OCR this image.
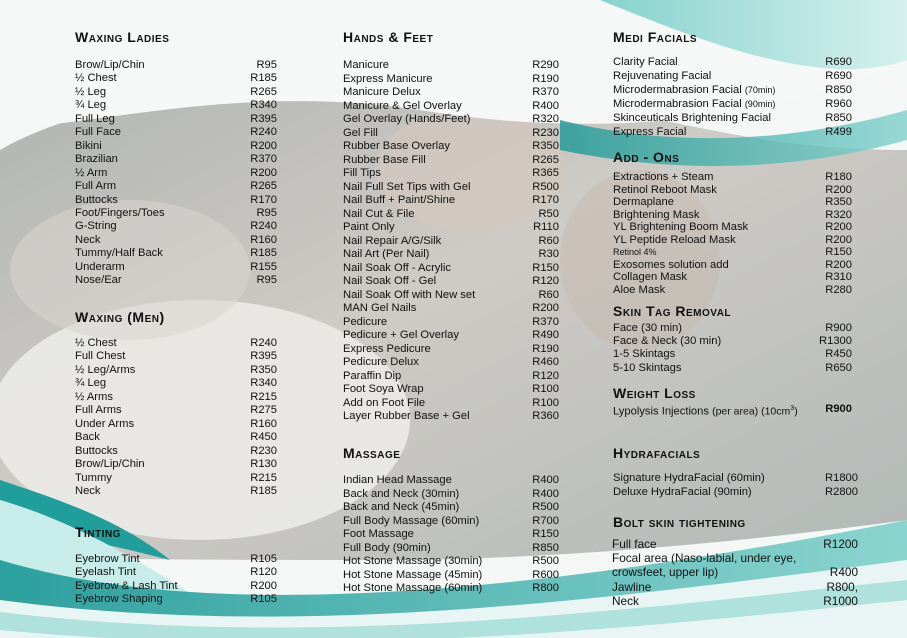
Waxing Ladies
Brow/Lip/Chin	R95
½ Chest	R185
½ Leg	R265
¾ Leg	R340
Full Leg	R395
Full Face	R240
Bikini	R200
Brazilian	R370
½ Arm	R200
Full Arm	R265
Buttocks	R170
Foot/Fingers/Toes	R95
G-String	R240
Neck	R160
Tummy/Half Back	R185
Underarm	R155
Nose/Ear	R95
Waxing (Men)
½ Chest	R240
Full Chest	R395
½ Leg/Arms	R350
¾ Leg	R340
½ Arms	R215
Full Arms	R275
Under Arms	R160
Back	R450
Buttocks	R230
Brow/Lip/Chin	R130
Tummy	R215
Neck	R185
Tinting
Eyebrow Tint	R105
Eyelash Tint	R120
Eyebrow & Lash Tint	R200
Eyebrow Shaping	R105
Hands & Feet
Manicure	R290
Express Manicure	R190
Manicure Delux	R370
Manicure & Gel Overlay	R400
Gel Overlay (Hands/Feet)	R320
Gel Fill	R230
Rubber Base Overlay	R350
Rubber Base Fill	R265
Fill Tips	R365
Nail Full Set Tips with Gel	R500
Nail Buff + Paint/Shine	R170
Nail Cut & File	R50
Paint Only	R110
Nail Repair A/G/Silk	R60
Nail Art (Per Nail)	R30
Nail Soak Off - Acrylic	R150
Nail Soak Off - Gel	R120
Nail Soak Off with New set	R60
MAN Gel Nails	R200
Pedicure	R370
Pedicure + Gel Overlay	R490
Express Pedicure	R190
Pedicure Delux	R460
Paraffin Dip	R120
Foot Soya Wrap	R100
Add on Foot File	R100
Layer Rubber Base + Gel	R360
Massage
Indian Head Massage	R400
Back and Neck (30min)	R400
Back and Neck (45min)	R500
Full Body Massage (60min)	R700
Foot Massage	R150
Full Body (90min)	R850
Hot Stone Massage (30min)	R500
Hot Stone Massage (45min)	R600
Hot Stone Massage (60min)	R800
Medi Facials
Clarity Facial	R690
Rejuvenating Facial	R690
Microdermabrasion Facial (70min)	R850
Microdermabrasion Facial (90min)	R960
Skinceuticals Brightening Facial	R850
Express Facial	R499
Add - Ons
Extractions + Steam	R180
Retinol Reboot Mask	R200
Dermaplane	R350
Brightening Mask	R320
YL Brightening Boom Mask	R200
YL Peptide Reload Mask	R200
Retinol 4%	R150
Exosomes solution add	R200
Collagen Mask	R310
Aloe Mask	R280
Skin Tag Removal
Face (30 min)	R900
Face & Neck (30 min)	R1300
1-5 Skintags	R450
5-10 Skintags	R650
Weight Loss
Lypolysis Injections (per area) $(10cm^3)$ R900
Hydrafacials
Signature HydraFacial (60min)	R1800
Deluxe HydraFacial (90min)	R2800
Bolt skin tightening
Full face	R1200
Focal area (Naso-labial, under eye,
crowsfeet, upper lip)	R400
Jawline	R800,
Neck	R1000
